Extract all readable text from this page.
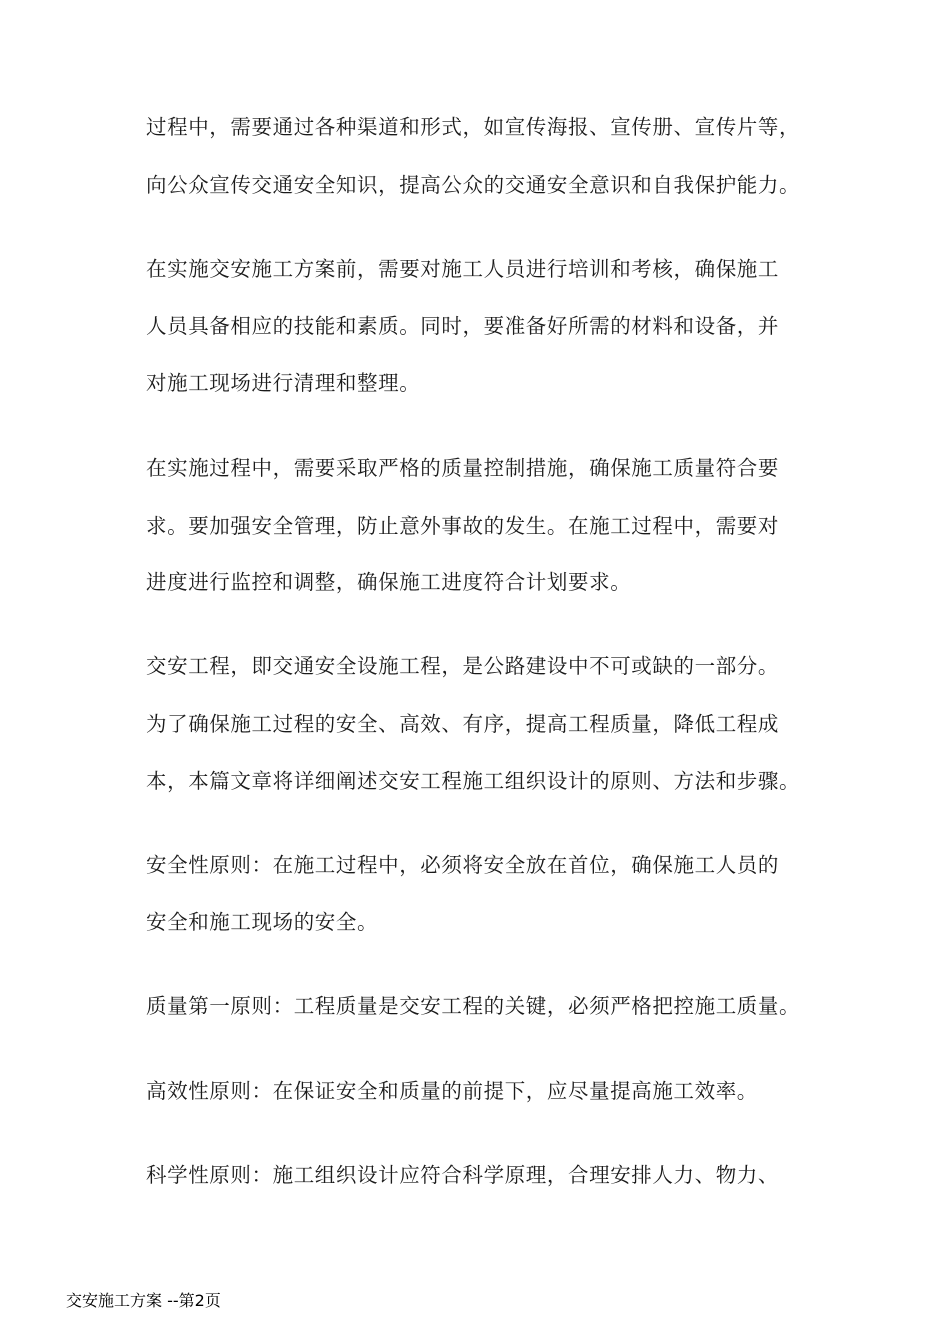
过程中，需要通过各种渠道和形式，如宣传海报、宣传册、宣传片等，
向公众宣传交通安全知识，提高公众的交通安全意识和自我保护能力。
在实施交安施工方案前，需要对施工人员进行培训和考核，确保施工
人员具备相应的技能和素质。同时，要准备好所需的材料和设备，并
对施工现场进行清理和整理。
在实施过程中，需要采取严格的质量控制措施，确保施工质量符合要
求。要加强安全管理，防止意外事故的发生。在施工过程中，需要对
进度进行监控和调整，确保施工进度符合计划要求。
交安工程，即交通安全设施工程，是公路建设中不可或缺的一部分。
为了确保施工过程的安全、高效、有序，提高工程质量，降低工程成
本，本篇文章将详细阐述交安工程施工组织设计的原则、方法和步骤。
安全性原则：在施工过程中，必须将安全放在首位，确保施工人员的
安全和施工现场的安全。
质量第一原则：工程质量是交安工程的关键，必须严格把控施工质量。
高效性原则：在保证安全和质量的前提下，应尽量提高施工效率。
科学性原则：施工组织设计应符合科学原理，合理安排人力、物力、
交安施工方案 --第2页
